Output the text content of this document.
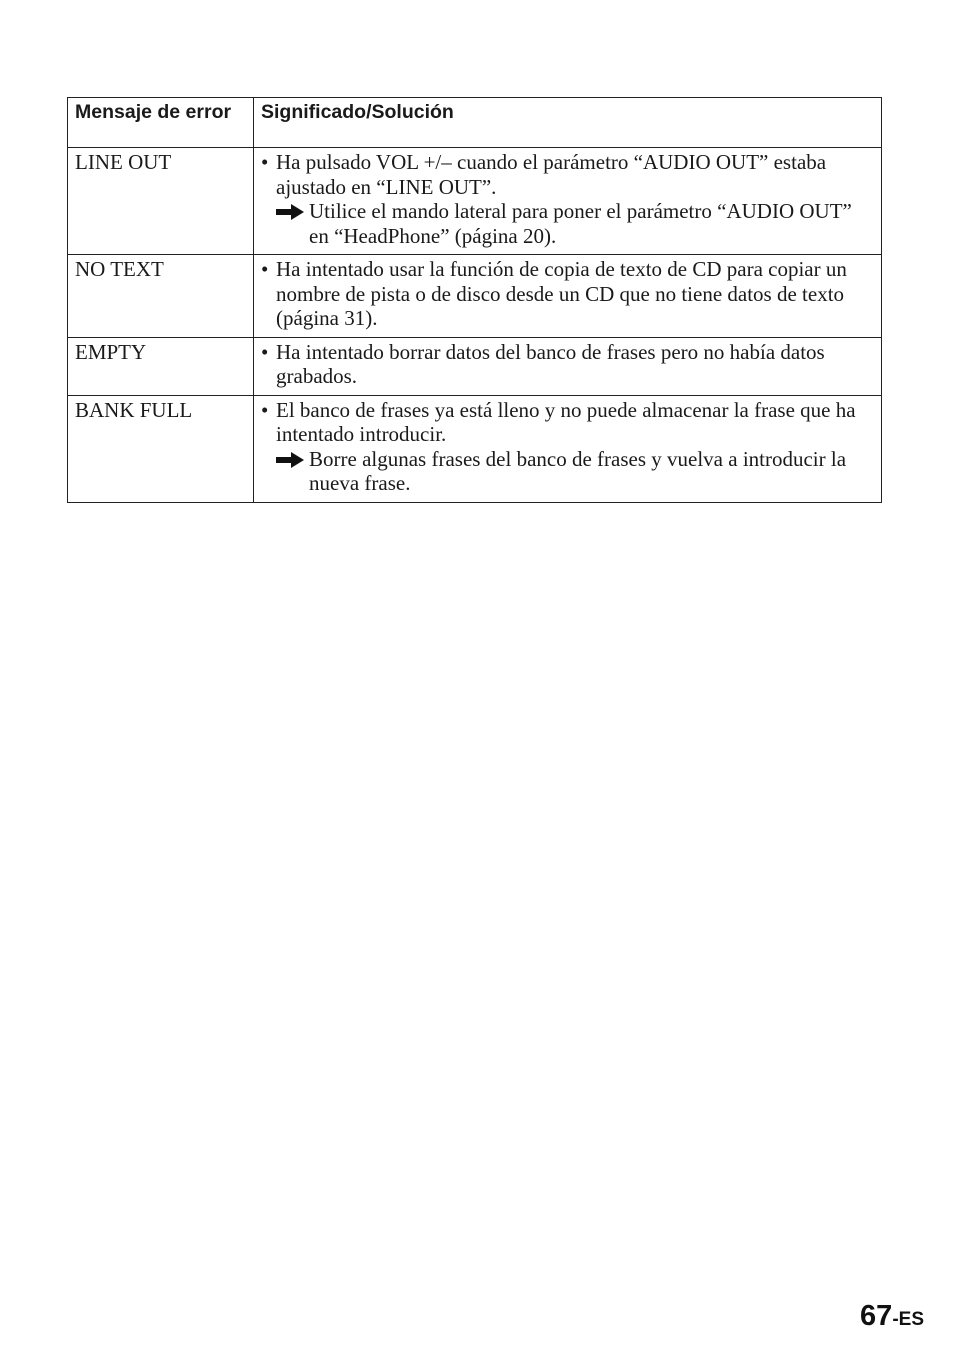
Mensaje de error	Significado/Solución
LINE OUT	• Ha pulsado VOL +/– cuando el parámetro “AUDIO OUT” estaba ajustado en “LINE OUT”.
Utilice el mando lateral para poner el parámetro “AUDIO OUT” en “HeadPhone” (página 20).

NO TEXT	• Ha intentado usar la función de copia de texto de CD para copiar un nombre de pista o de disco desde un CD que no tiene datos de texto (página 31).

EMPTY	• Ha intentado borrar datos del banco de frases pero no había datos grabados.

BANK FULL	• El banco de frases ya está lleno y no puede almacenar la frase que ha intentado introducir.
Borre algunas frases del banco de frases y vuelva a introducir la nueva frase.
67-ES
